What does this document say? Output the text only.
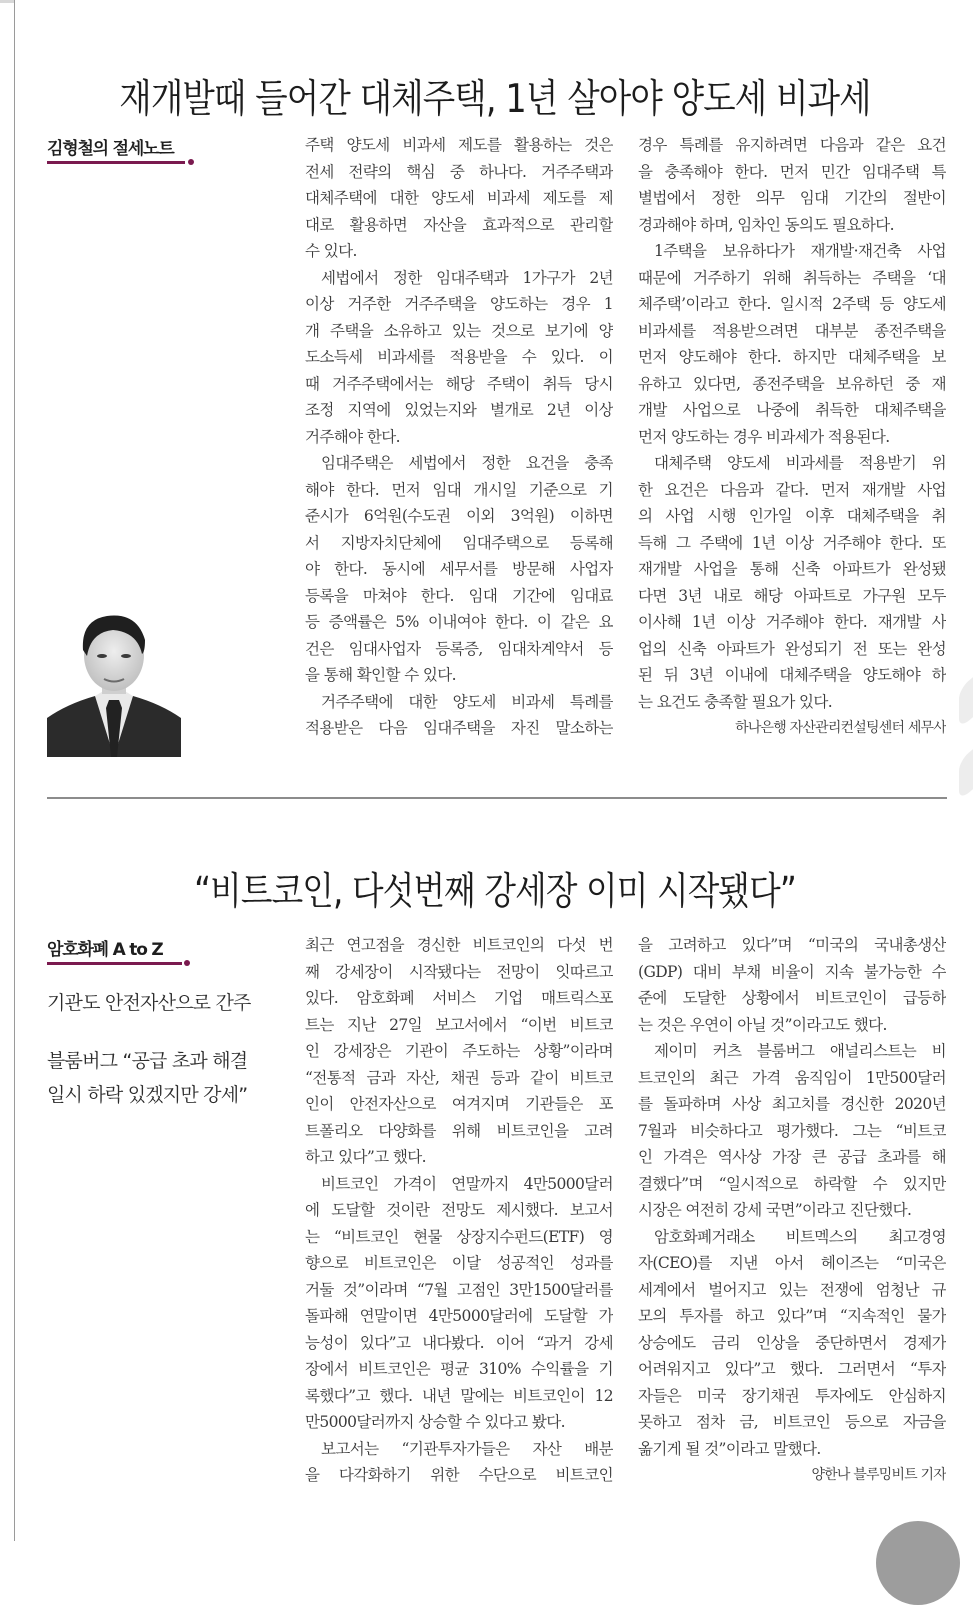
재개발때 들어간 대체주택, 1년 살아야 양도세 비과세
김형철의 절세노트	주택 양도세 비과세 제도를 활용하는 것은
전세 전략의 핵심 중 하나다. 거주주택과
대체주택에 대한 양도세 비과세 제도를 제
대로 활용하면 자산을 효과적으로 관리할
수 있다.
세법에서 정한 임대주택과 1가구가 2년
이상 거주한 거주주택을 양도하는 경우 1
개 주택을 소유하고 있는 것으로 보기에 양
도소득세 비과세를 적용받을 수 있다. 이
때 거주주택에서는 해당 주택이 취득 당시
조정 지역에 있었는지와 별개로 2년 이상
거주해야 한다.
임대주택은 세법에서 정한 요건을 충족
해야 한다. 먼저 임대 개시일 기준으로 기
준시가 6억원(수도권 이외 3억원) 이하면
서 지방자치단체에 임대주택으로 등록해
야 한다. 동시에 세무서를 방문해 사업자
등록을 마쳐야 한다. 임대 기간에 임대료
등 증액률은 5% 이내여야 한다. 이 같은 요
건은 임대사업자 등록증, 임대차계약서 등
을 통해 확인할 수 있다.
거주주택에 대한 양도세 비과세 특례를
적용받은 다음 임대주택을 자진 말소하는
경우 특례를 유지하려면 다음과 같은 요건
을 충족해야 한다. 먼저 민간 임대주택 특
별법에서 정한 의무 임대 기간의 절반이
경과해야 하며, 임차인 동의도 필요하다.
1주택을 보유하다가 재개발·재건축 사업
때문에 거주하기 위해 취득하는 주택을 ‘대
체주택’이라고 한다. 일시적 2주택 등 양도세
비과세를 적용받으려면 대부분 종전주택을
먼저 양도해야 한다. 하지만 대체주택을 보
유하고 있다면, 종전주택을 보유하던 중 재
개발 사업으로 나중에 취득한 대체주택을
먼저 양도하는 경우 비과세가 적용된다.
대체주택 양도세 비과세를 적용받기 위
한 요건은 다음과 같다. 먼저 재개발 사업
의 사업 시행 인가일 이후 대체주택을 취
득해 그 주택에 1년 이상 거주해야 한다. 또
재개발 사업을 통해 신축 아파트가 완성됐
다면 3년 내로 해당 아파트로 가구원 모두
이사해 1년 이상 거주해야 한다. 재개발 사
업의 신축 아파트가 완성되기 전 또는 완성
된 뒤 3년 이내에 대체주택을 양도해야 하
는 요건도 충족할 필요가 있다.
하나은행 자산관리컨설팅센터 세무사
“비트코인, 다섯번째 강세장 이미 시작됐다”
암호화폐 A to Z
기관도 안전자산으로 간주
블룸버그 “공급 초과 해결
일시 하락 있겠지만 강세”
최근 연고점을 경신한 비트코인의 다섯 번
째 강세장이 시작됐다는 전망이 잇따르고
있다. 암호화폐 서비스 기업 매트릭스포
트는 지난 27일 보고서에서 “이번 비트코
인 강세장은 기관이 주도하는 상황”이라며
“전통적 금과 자산, 채권 등과 같이 비트코
인이 안전자산으로 여겨지며 기관들은 포
트폴리오 다양화를 위해 비트코인을 고려
하고 있다”고 했다.
비트코인 가격이 연말까지 4만5000달러
에 도달할 것이란 전망도 제시했다. 보고서
는 “비트코인 현물 상장지수펀드(ETF) 영
향으로 비트코인은 이달 성공적인 성과를
거둘 것”이라며 “7월 고점인 3만1500달러를
돌파해 연말이면 4만5000달러에 도달할 가
능성이 있다”고 내다봤다. 이어 “과거 강세
장에서 비트코인은 평균 310% 수익률을 기
록했다”고 했다. 내년 말에는 비트코인이 12
만5000달러까지 상승할 수 있다고 봤다.
보고서는 “기관투자가들은 자산 배분
을 다각화하기 위한 수단으로 비트코인
을 고려하고 있다”며 “미국의 국내총생산
(GDP) 대비 부채 비율이 지속 불가능한 수
준에 도달한 상황에서 비트코인이 급등하
는 것은 우연이 아닐 것”이라고도 했다.
제이미 커츠 블룸버그 애널리스트는 비
트코인의 최근 가격 움직임이 1만500달러
를 돌파하며 사상 최고치를 경신한 2020년
7월과 비슷하다고 평가했다. 그는 “비트코
인 가격은 역사상 가장 큰 공급 초과를 해
결했다”며 “일시적으로 하락할 수 있지만
시장은 여전히 강세 국면”이라고 진단했다.
암호화폐거래소 비트멕스의 최고경영
자(CEO)를 지낸 아서 헤이즈는 “미국은
세계에서 벌어지고 있는 전쟁에 엄청난 규
모의 투자를 하고 있다”며 “지속적인 물가
상승에도 금리 인상을 중단하면서 경제가
어려워지고 있다”고 했다. 그러면서 “투자
자들은 미국 장기채권 투자에도 안심하지
못하고 점차 금, 비트코인 등으로 자금을
옮기게 될 것”이라고 말했다.
양한나 블루밍비트 기자
